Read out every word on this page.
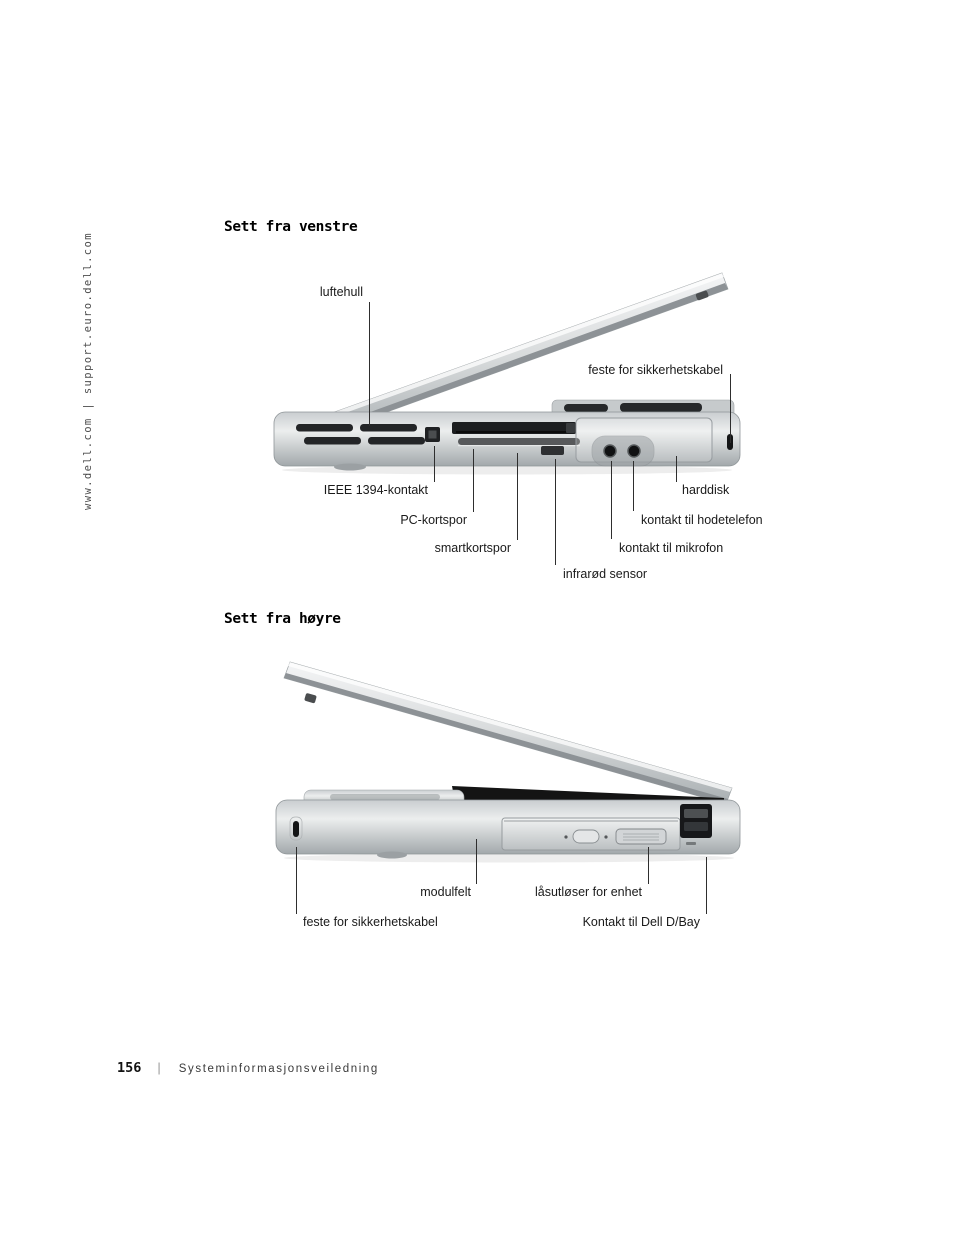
www.dell.com | support.euro.dell.com
Sett fra venstre
luftehull
feste for sikkerhetskabel
IEEE 1394-kontakt
PC-kortspor
smartkortspor
infrarød sensor
kontakt til mikrofon
kontakt til hodetelefon
harddisk
Sett fra høyre
modulfelt	låsutløser for enhet
feste for sikkerhetskabel	Kontakt til Dell D/Bay
156 | Systeminformasjonsveiledning
